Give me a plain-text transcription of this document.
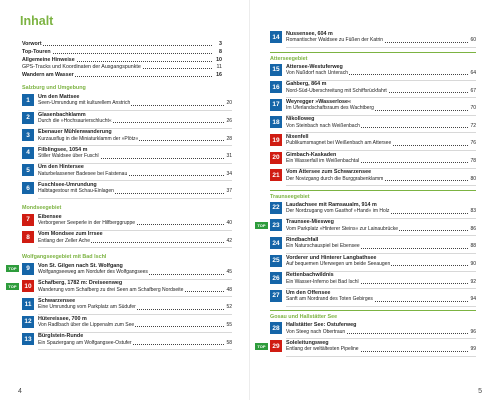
Inhalt
Vorwort	3
Top-Touren	8
Allgemeine Hinweise	10
GPS-Tracks und Koordinaten der Ausgangspunkte	11
Wandern am Wasser	16
Salzburg und Umgebung
1	Um den Mattsee
Seen-Umrundung mit kulturellem Anstrich	20
2	Glasenbachklamm
Durch die »Hochsaurierschlucht«	26
3	Ebenauer Mühlenwanderung
Kurzausflug in die Miniaturklamm der »Plötz«	28
4	Filblingsee, 1054 m
Stiller Waldsee über Fuschl	31
5	Um den Hintersee
Naturbelassener Badesee bei Faistenau	34
6	Fuschlsee-Umrundung
Halbtagestour mit Schau-Einlagen	37
Mondseegebiet
7	Eibensee
Verborgener Seeperle in der Hilfberggruppe	40
8	Vom Mondsee zum Irrsee
Entlang der Zeller Ache	42
Wolfgangseegebiet mit Bad Ischl
9	Von St. Gilgen nach St. Wolfgang
Wolfgangseeweg am Nordufer des Wolfgangsees	45
TOP
10	Schafberg, 1782 m: Dreiseenweg
Wanderung vom Schafberg zu drei Seen am Schafberg Nordseite	48
TOP
11	Schwarzensee
Eine Umrundung vom Parkplatz am Südufer	52
12	Hütereissee, 700 m
Von Radlbach über die Lippenalm zum See	55
13	Bürglstein-Runde
Ein Spaziergang am Wolfgangsee-Ostufer	58
4
14	Nussensee, 604 m
Romantischer Waldsee zu Füßen der Katrin	60
Atterseegebiet
15	Attersee-Westuferweg
Von Nußdorf nach Unterach	64
16	Gahberg, 864 m
Nord-Süd-Überschreitung mit Schiffsrückfahrt	67
17	Weyregger »Wasserlose«
Im Uferlandschaftsraum des Wachtberg	70
18	Nikolloweg
Von Steinbach nach Weißenbach	72
19	Nixenfell
Publikumsmagnet bei Weißenbach am Attersee	76
20	Gimbach-Kaskaden
Ein Wasserfall im Weißenbachtal	78
21	Vom Attersee zum Schwarzensee
Der Novizgang durch die Burggrabenklamm	80
Traunseegebiet
22	Laudachsee mit Ramsaualm, 914 m
Der Nordzugang vom Gasthof »Hand« im Holz	83
23	Traunsee-Miesweg
Vom Parkplatz »Hinterer Steins« zur Lainaubrücke	86
TOP
24	Rindbachfall
Ein Naturschauspiel bei Ebensee	88
25	Vorderer und Hinterer Langbathsee
Auf bequemen Uferwegen um beide Seeaugen	90
26	Rettenbachwildnis
Ein Wasser-Inferno bei Bad Ischl	92
27	Um den Offensee
Sanft am Nordrand des Toten Gebirges	94
Gosau und Hallstätter See
28	Hallstätter See: Ostuferweg
Von Steeg nach Obertraun	96
29	Soleleitungsweg
Entlang der weltältesten Pipeline	99
TOP
5
